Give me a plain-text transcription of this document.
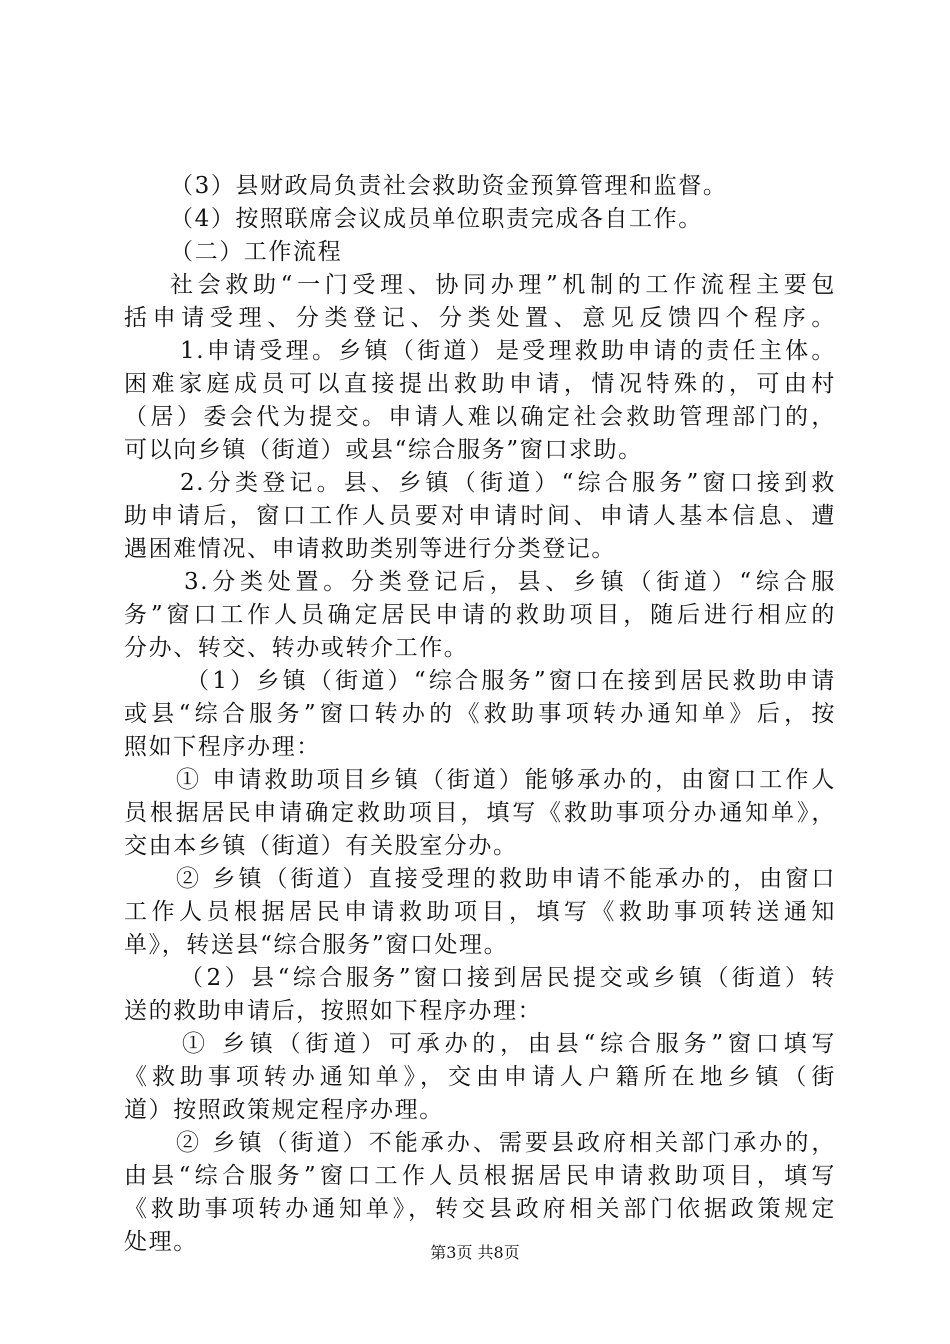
（3）县财政局负责社会救助资金预算管理和监督。
（4）按照联席会议成员单位职责完成各自工作。
（二）工作流程
社会救助“一门受理、协同办理”机制的工作流程主要包
括申请受理、分类登记、分类处置、意见反馈四个程序。
1.申请受理。乡镇（街道）是受理救助申请的责任主体。
困难家庭成员可以直接提出救助申请，情况特殊的，可由村
（居）委会代为提交。申请人难以确定社会救助管理部门的，
可以向乡镇（街道）或县“综合服务”窗口求助。
2.分类登记。县、乡镇（街道）“综合服务”窗口接到救
助申请后，窗口工作人员要对申请时间、申请人基本信息、遭
遇困难情况、申请救助类别等进行分类登记。
3.分类处置。分类登记后，县、乡镇（街道）“综合服
务”窗口工作人员确定居民申请的救助项目，随后进行相应的
分办、转交、转办或转介工作。
（1）乡镇（街道）“综合服务”窗口在接到居民救助申请
或县“综合服务”窗口转办的《救助事项转办通知单》后，按
照如下程序办理：
① 申请救助项目乡镇（街道）能够承办的，由窗口工作人
员根据居民申请确定救助项目，填写《救助事项分办通知单》，
交由本乡镇（街道）有关股室分办。
② 乡镇（街道）直接受理的救助申请不能承办的，由窗口
工作人员根据居民申请救助项目，填写《救助事项转送通知
单》，转送县“综合服务”窗口处理。
（2）县“综合服务”窗口接到居民提交或乡镇（街道）转
送的救助申请后，按照如下程序办理：
① 乡镇（街道）可承办的，由县“综合服务”窗口填写
《救助事项转办通知单》，交由申请人户籍所在地乡镇（街
道）按照政策规定程序办理。
② 乡镇（街道）不能承办、需要县政府相关部门承办的，
由县“综合服务”窗口工作人员根据居民申请救助项目，填写
《救助事项转办通知单》，转交县政府相关部门依据政策规定
处理。	第3页 共8页
